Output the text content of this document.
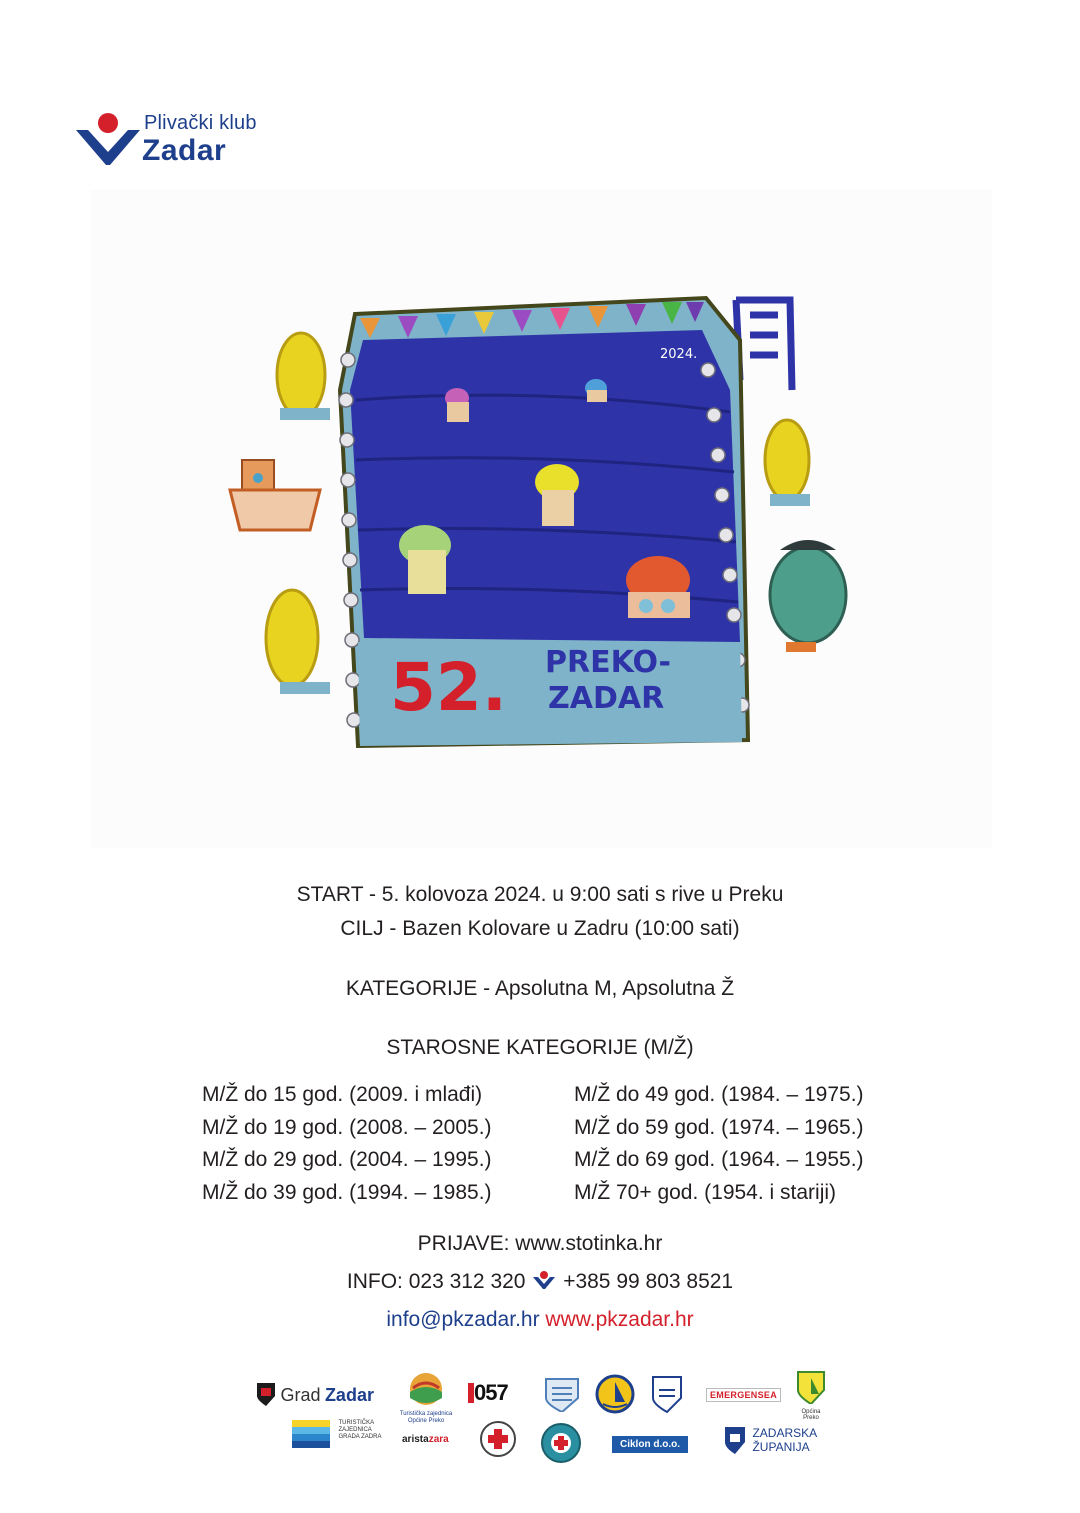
Plivački klub
Zadar
52. PREKO-
ZADAR
2024.
START - 5. kolovoza 2024. u 9:00 sati s rive u Preku
CILJ - Bazen Kolovare u Zadru (10:00 sati)
KATEGORIJE - Apsolutna M, Apsolutna Ž
STAROSNE KATEGORIJE (M/Ž)
M/Ž do 15 god. (2009. i mlađi)
M/Ž do 19 god. (2008. – 2005.)
M/Ž do 29 god. (2004. – 1995.)
M/Ž do 39 god. (1994. – 1985.)
M/Ž do 49 god. (1984. – 1975.)
M/Ž do 59 god. (1974. – 1965.)
M/Ž do 69 god. (1964. – 1955.)
M/Ž 70+ god. (1954. i stariji)
PRIJAVE: www.stotinka.hr
INFO: 023 312 320 +385 99 803 8521
info@pkzadar.hr www.pkzadar.hr
Grad Zadar
Turistička zajednica Općine Preko
057	EMERGENSEA
Općina Preko
TURISTIČKA ZAJEDNICA GRADA ZADRA	aristazara	Ciklon d.o.o.
ZADARSKA
ŽUPANIJA
